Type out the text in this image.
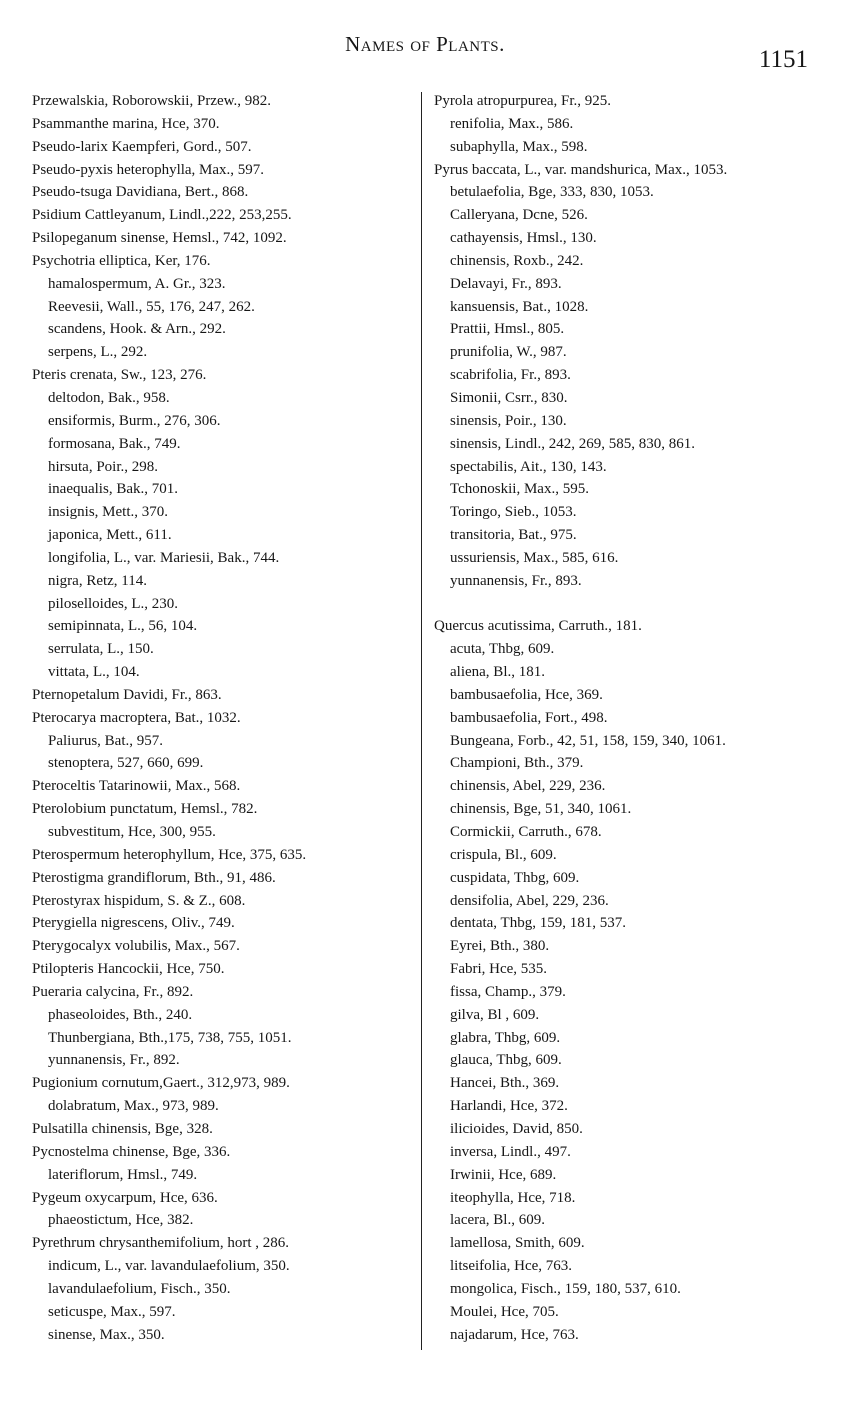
Names of Plants.
1151
Przewalskia, Roborowskii, Przew., 982.
Psammanthe marina, Hce, 370.
Pseudo-larix Kaempferi, Gord., 507.
Pseudo-pyxis heterophylla, Max., 597.
Pseudo-tsuga Davidiana, Bert., 868.
Psidium Cattleyanum, Lindl.,222, 253,255.
Psilopeganum sinense, Hemsl., 742, 1092.
Psychotria elliptica, Ker, 176.
hamalospermum, A. Gr., 323.
Reevesii, Wall., 55, 176, 247, 262.
scandens, Hook. & Arn., 292.
serpens, L., 292.
Pteris crenata, Sw., 123, 276.
deltodon, Bak., 958.
ensiformis, Burm., 276, 306.
formosana, Bak., 749.
hirsuta, Poir., 298.
inaequalis, Bak., 701.
insignis, Mett., 370.
japonica, Mett., 611.
longifolia, L., var. Mariesii, Bak., 744.
nigra, Retz, 114.
piloselloides, L., 230.
semipinnata, L., 56, 104.
serrulata, L., 150.
vittata, L., 104.
Pternopetalum Davidi, Fr., 863.
Pterocarya macroptera, Bat., 1032.
Paliurus, Bat., 957.
stenoptera, 527, 660, 699.
Pteroceltis Tatarinowii, Max., 568.
Pterolobium punctatum, Hemsl., 782.
subvestitum, Hce, 300, 955.
Pterospermum heterophyllum, Hce, 375, 635.
Pterostigma grandiflorum, Bth., 91, 486.
Pterostyrax hispidum, S. & Z., 608.
Pterygiella nigrescens, Oliv., 749.
Pterygocalyx volubilis, Max., 567.
Ptilopteris Hancockii, Hce, 750.
Pueraria calycina, Fr., 892.
phaseoloides, Bth., 240.
Thunbergiana, Bth.,175, 738, 755, 1051.
yunnanensis, Fr., 892.
Pugionium cornutum,Gaert., 312,973, 989.
dolabratum, Max., 973, 989.
Pulsatilla chinensis, Bge, 328.
Pycnostelma chinense, Bge, 336.
lateriflorum, Hmsl., 749.
Pygeum oxycarpum, Hce, 636.
phaeostictum, Hce, 382.
Pyrethrum chrysanthemifolium, hort , 286.
indicum, L., var. lavandulaefolium, 350.
lavandulaefolium, Fisch., 350.
seticuspe, Max., 597.
sinense, Max., 350.
Pyrola atropurpurea, Fr., 925.
renifolia, Max., 586.
subaphylla, Max., 598.
Pyrus baccata, L., var. mandshurica, Max., 1053.
betulaefolia, Bge, 333, 830, 1053.
Calleryana, Dcne, 526.
cathayensis, Hmsl., 130.
chinensis, Roxb., 242.
Delavayi, Fr., 893.
kansuensis, Bat., 1028.
Prattii, Hmsl., 805.
prunifolia, W., 987.
scabrifolia, Fr., 893.
Simonii, Csrr., 830.
sinensis, Poir., 130.
sinensis, Lindl., 242, 269, 585, 830, 861.
spectabilis, Ait., 130, 143.
Tchonoskii, Max., 595.
Toringo, Sieb., 1053.
transitoria, Bat., 975.
ussuriensis, Max., 585, 616.
yunnanensis, Fr., 893.
Quercus acutissima, Carruth., 181.
acuta, Thbg, 609.
aliena, Bl., 181.
bambusaefolia, Hce, 369.
bambusaefolia, Fort., 498.
Bungeana, Forb., 42, 51, 158, 159, 340, 1061.
Championi, Bth., 379.
chinensis, Abel, 229, 236.
chinensis, Bge, 51, 340, 1061.
Cormickii, Carruth., 678.
crispula, Bl., 609.
cuspidata, Thbg, 609.
densifolia, Abel, 229, 236.
dentata, Thbg, 159, 181, 537.
Eyrei, Bth., 380.
Fabri, Hce, 535.
fissa, Champ., 379.
gilva, Bl , 609.
glabra, Thbg, 609.
glauca, Thbg, 609.
Hancei, Bth., 369.
Harlandi, Hce, 372.
ilicioides, David, 850.
inversa, Lindl., 497.
Irwinii, Hce, 689.
iteophylla, Hce, 718.
lacera, Bl., 609.
lamellosa, Smith, 609.
litseifolia, Hce, 763.
mongolica, Fisch., 159, 180, 537, 610.
Moulei, Hce, 705.
najadarum, Hce, 763.
